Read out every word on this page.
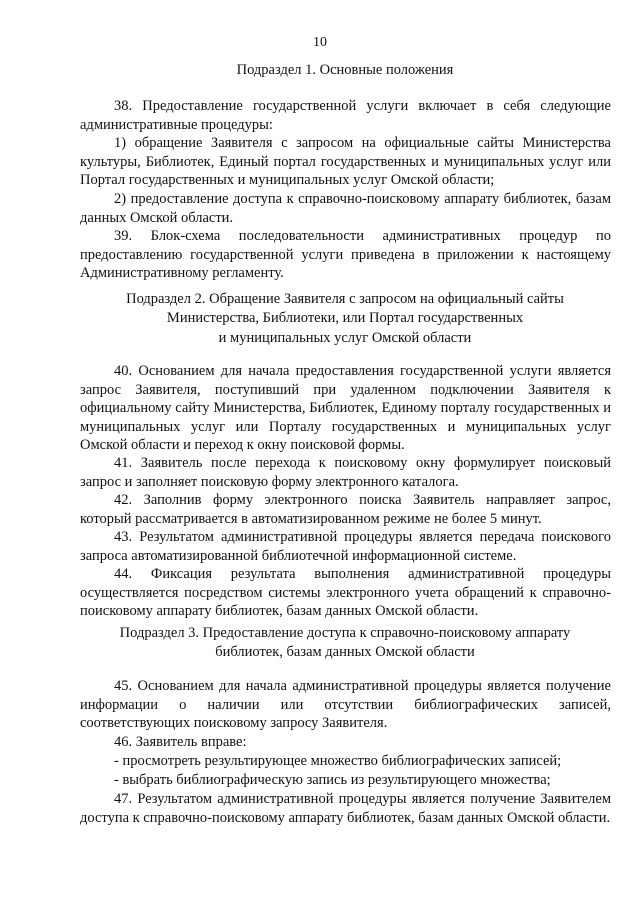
10
Подраздел 1. Основные положения
38. Предоставление государственной услуги включает в себя следующие административные процедуры:
1) обращение Заявителя с запросом на официальные сайты Министерства культуры, Библиотек, Единый портал государственных и муниципальных услуг или Портал государственных и муниципальных услуг Омской области;
2) предоставление доступа к справочно-поисковому аппарату библиотек, базам данных Омской области.
39. Блок-схема последовательности административных процедур по предоставлению государственной услуги приведена в приложении к настоящему Административному регламенту.
Подраздел 2. Обращение Заявителя с запросом на официальный сайты
Министерства, Библиотеки, или Портал государственных
и муниципальных услуг Омской области
40. Основанием для начала предоставления государственной услуги является запрос Заявителя, поступивший при удаленном подключении Заявителя к официальному сайту Министерства, Библиотек, Единому порталу государственных и муниципальных услуг или Порталу государственных и муниципальных услуг Омской области и переход к окну поисковой формы.
41. Заявитель после перехода к поисковому окну формулирует поисковый запрос и заполняет поисковую форму электронного каталога.
42. Заполнив форму электронного поиска Заявитель направляет запрос, который рассматривается в автоматизированном режиме не более 5 минут.
43. Результатом административной процедуры является передача поискового запроса автоматизированной библиотечной информационной системе.
44. Фиксация результата выполнения административной процедуры осуществляется посредством системы электронного учета обращений к справочно-поисковому аппарату библиотек, базам данных Омской области.
Подраздел 3. Предоставление доступа к справочно-поисковому аппарату
библиотек, базам данных Омской области
45. Основанием для начала административной процедуры является получение информации о наличии или отсутствии библиографических записей, соответствующих поисковому запросу Заявителя.
46. Заявитель вправе:
- просмотреть результирующее множество библиографических записей;
- выбрать библиографическую запись из результирующего множества;
47. Результатом административной процедуры является получение Заявителем доступа к справочно-поисковому аппарату библиотек, базам данных Омской области.
